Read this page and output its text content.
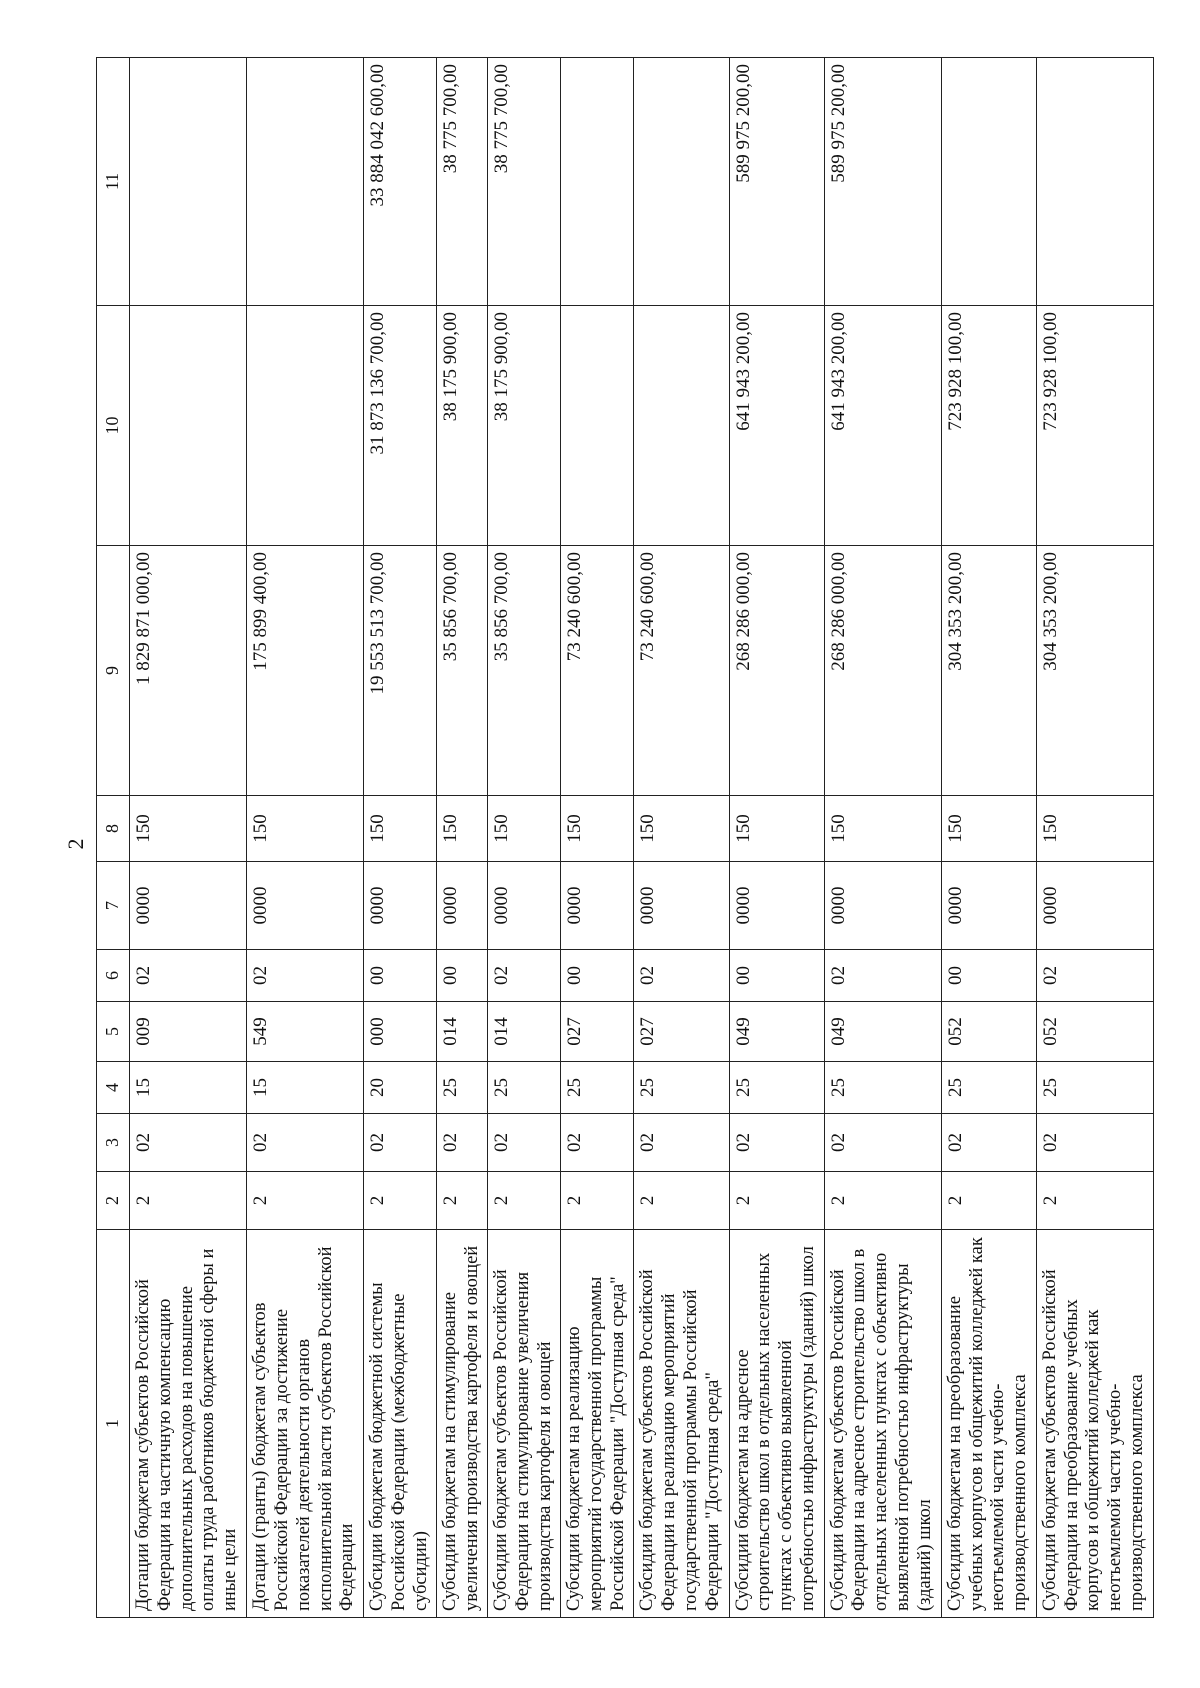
2
1	2	3	4	5	6	7	8	9	10	11
Дотации бюджетам субъектов Российской Федерации на частичную компенсацию дополнительных расходов на повышение оплаты труда работников бюджетной сферы и иные цели	2	02	15	009	02	0000	150	1 829 871 000,00		
Дотации (гранты) бюджетам субъектов Российской Федерации за достижение показателей деятельности органов исполнительной власти субъектов Российской Федерации	2	02	15	549	02	0000	150	175 899 400,00		
Субсидии бюджетам бюджетной системы Российской Федерации (межбюджетные субсидии)	2	02	20	000	00	0000	150	19 553 513 700,00	31 873 136 700,00	33 884 042 600,00
Субсидии бюджетам на стимулирование увеличения производства картофеля и овощей	2	02	25	014	00	0000	150	35 856 700,00	38 175 900,00	38 775 700,00
Субсидии бюджетам субъектов Российской Федерации на стимулирование увеличения производства картофеля и овощей	2	02	25	014	02	0000	150	35 856 700,00	38 175 900,00	38 775 700,00
Субсидии бюджетам на реализацию мероприятий государственной программы Российской Федерации "Доступная среда"	2	02	25	027	00	0000	150	73 240 600,00		
Субсидии бюджетам субъектов Российской Федерации на реализацию мероприятий государственной программы Российской Федерации "Доступная среда"	2	02	25	027	02	0000	150	73 240 600,00		
Субсидии бюджетам на адресное строительство школ в отдельных населенных пунктах с объективно выявленной потребностью инфраструктуры (зданий) школ	2	02	25	049	00	0000	150	268 286 000,00	641 943 200,00	589 975 200,00
Субсидии бюджетам субъектов Российской Федерации на адресное строительство школ в отдельных населенных пунктах с объективно выявленной потребностью инфраструктуры (зданий) школ	2	02	25	049	02	0000	150	268 286 000,00	641 943 200,00	589 975 200,00
Субсидии бюджетам на преобразование учебных корпусов и общежитий колледжей как неотъемлемой части учебно-производственного комплекса	2	02	25	052	00	0000	150	304 353 200,00	723 928 100,00	
Субсидии бюджетам субъектов Российской Федерации на преобразование учебных корпусов и общежитий колледжей как неотъемлемой части учебно-производственного комплекса	2	02	25	052	02	0000	150	304 353 200,00	723 928 100,00	
